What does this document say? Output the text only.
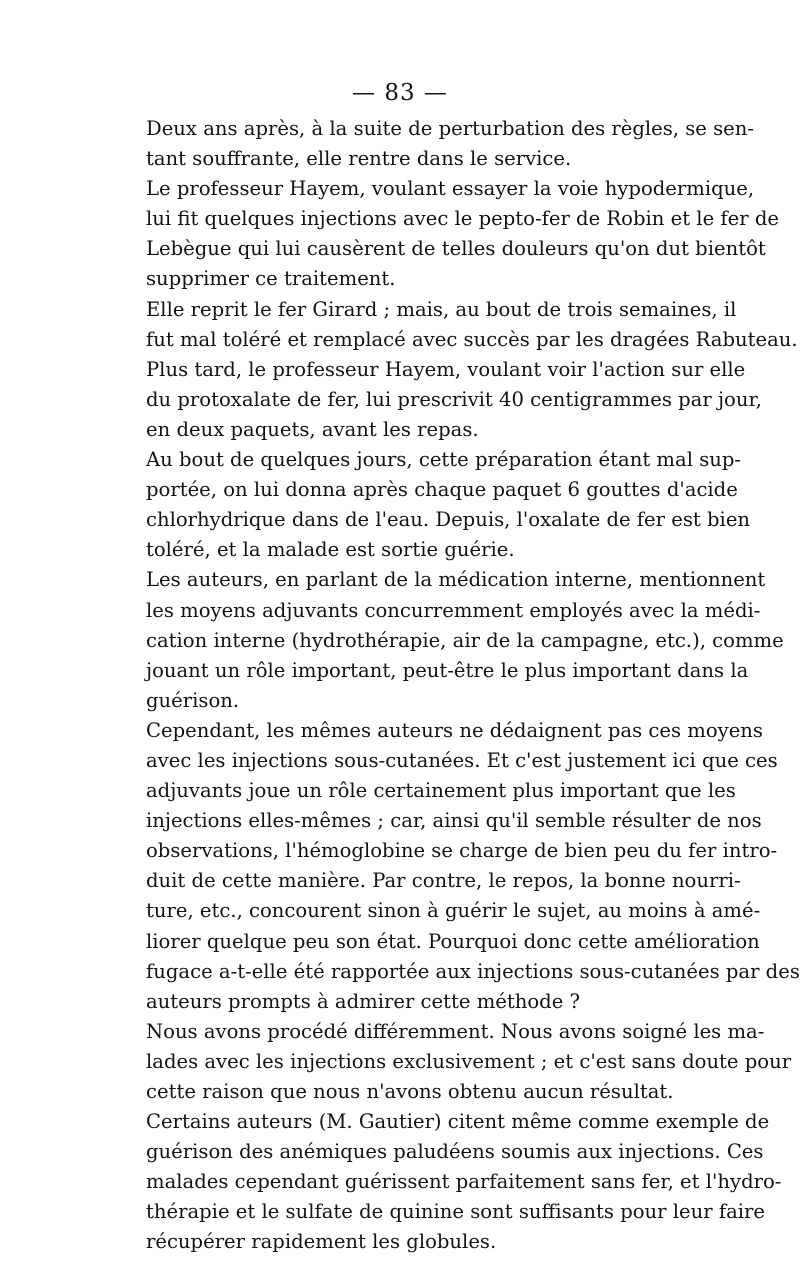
— 83 —

Deux ans après, à la suite de perturbation des règles, se sen-
tant souffrante, elle rentre dans le service.

Le professeur Hayem, voulant essayer la voie hypodermique,
lui fit quelques injections avec le pepto-fer de Robin et le fer de
Lebègue qui lui causèrent de telles douleurs qu'on dut bientôt
supprimer ce traitement.

Elle reprit le fer Girard ; mais, au bout de trois semaines, il
fut mal toléré et remplacé avec succès par les dragées Rabuteau.

Plus tard, le professeur Hayem, voulant voir l'action sur elle
du protoxalate de fer, lui prescrivit 40 centigrammes par jour,
en deux paquets, avant les repas.

Au bout de quelques jours, cette préparation étant mal sup-
portée, on lui donna après chaque paquet 6 gouttes d'acide
chlorhydrique dans de l'eau. Depuis, l'oxalate de fer est bien
toléré, et la malade est sortie guérie.

Les auteurs, en parlant de la médication interne, mentionnent
les moyens adjuvants concurremment employés avec la médi-
cation interne (hydrothérapie, air de la campagne, etc.), comme
jouant un rôle important, peut-être le plus important dans la
guérison.

Cependant, les mêmes auteurs ne dédaignent pas ces moyens
avec les injections sous-cutanées. Et c'est justement ici que ces
adjuvants joue un rôle certainement plus important que les
injections elles-mêmes ; car, ainsi qu'il semble résulter de nos
observations, l'hémoglobine se charge de bien peu du fer intro-
duit de cette manière. Par contre, le repos, la bonne nourri-
ture, etc., concourent sinon à guérir le sujet, au moins à amé-
liorer quelque peu son état. Pourquoi donc cette amélioration
fugace a-t-elle été rapportée aux injections sous-cutanées par des
auteurs prompts à admirer cette méthode ?

Nous avons procédé différemment. Nous avons soigné les ma-
lades avec les injections exclusivement ; et c'est sans doute pour
cette raison que nous n'avons obtenu aucun résultat.

Certains auteurs (M. Gautier) citent même comme exemple de
guérison des anémiques paludéens soumis aux injections. Ces
malades cependant guérissent parfaitement sans fer, et l'hydro-
thérapie et le sulfate de quinine sont suffisants pour leur faire
récupérer rapidement les globules.
